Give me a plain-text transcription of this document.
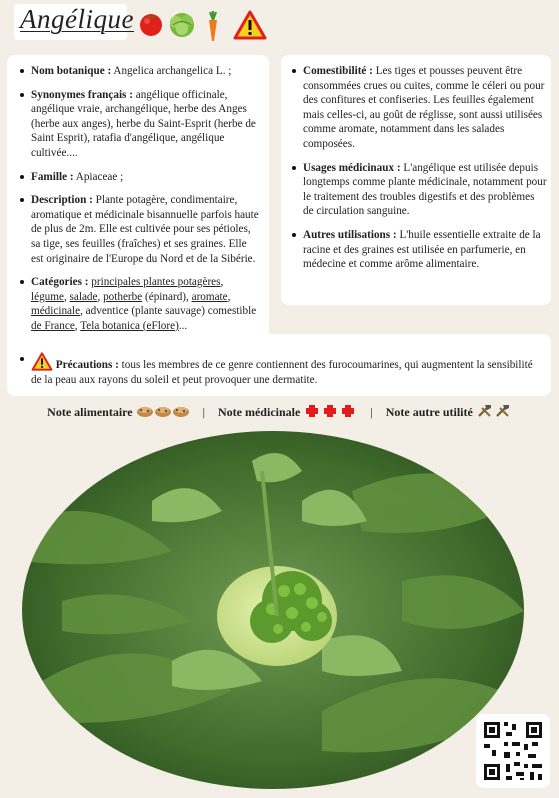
Angélique
Nom botanique : Angelica archangelica L. ;
Synonymes français : angélique officinale, angélique vraie, archangélique, herbe des Anges (herbe aux anges), herbe du Saint-Esprit (herbe de Saint Esprit), ratafia d'angélique, angélique cultivée....
Famille : Apiaceae ;
Description : Plante potagère, condimentaire, aromatique et médicinale bisannuelle parfois haute de plus de 2m. Elle est cultivée pour ses pétioles, sa tige, ses feuilles (fraîches) et ses graines. Elle est originaire de l'Europe du Nord et de la Sibérie.
Catégories : principales plantes potagères, légume, salade, potherbe (épinard), aromate, médicinale, adventice (plante sauvage) comestible de France, Tela botanica (eFlore)...
Comestibilité : Les tiges et pousses peuvent être consommées crues ou cuites, comme le céleri ou pour des confitures et confiseries. Les feuilles également mais celles-ci, au goût de réglisse, sont aussi utilisées comme aromate, notamment dans les salades composées.
Usages médicinaux : L'angélique est utilisée depuis longtemps comme plante médicinale, notamment pour le traitement des troubles digestifs et des problèmes de circulation sanguine.
Autres utilisations : L'huile essentielle extraite de la racine et des graines est utilisée en parfumerie, en médecine et comme arôme alimentaire.
Précautions : tous les membres de ce genre contiennent des furocoumarines, qui augmentent la sensibilité de la peau aux rayons du soleil et peut provoquer une dermatite.
Note alimentaire	| Note médicinale	| Note autre utilité
